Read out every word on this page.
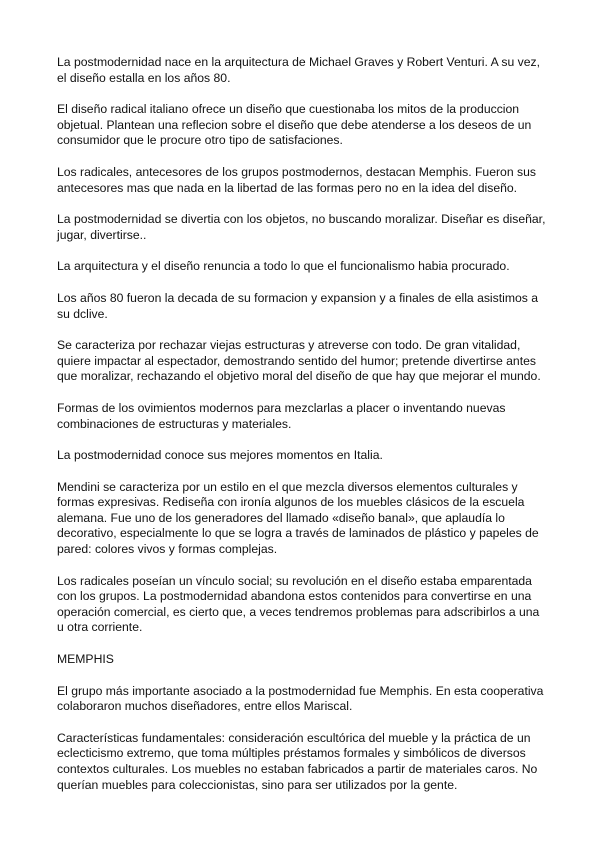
La postmodernidad nace en la arquitectura de Michael Graves y Robert Venturi. A su vez, el diseño estalla en los años 80.

El diseño radical italiano ofrece un diseño que cuestionaba los mitos de la produccion objetual. Plantean una reflecion sobre el diseño que debe atenderse a los deseos de un consumidor que le procure otro tipo de satisfaciones.

Los radicales, antecesores de los grupos postmodernos, destacan Memphis. Fueron sus antecesores mas que nada en la libertad de las formas pero no en la idea del diseño.

La postmodernidad se divertia con los objetos, no buscando moralizar. Diseñar es diseñar, jugar, divertirse..

La arquitectura y el diseño renuncia a todo lo que el funcionalismo habia procurado.

Los años 80 fueron la decada de su formacion y expansion y a finales de ella asistimos a su dclive.

Se caracteriza por rechazar viejas estructuras y atreverse con todo. De gran vitalidad, quiere impactar al espectador, demostrando sentido del humor; pretende divertirse antes que moralizar, rechazando el objetivo moral del diseño de que hay que mejorar el mundo.

Formas de los ovimientos modernos para mezclarlas a placer o inventando nuevas combinaciones de estructuras y materiales.

La postmodernidad conoce sus mejores momentos en Italia.

Mendini se caracteriza por un estilo en el que mezcla diversos elementos culturales y formas expresivas. Rediseña con ironía algunos de los muebles clásicos de la escuela alemana. Fue uno de los generadores del llamado «diseño banal», que aplaudía lo decorativo, especialmente lo que se logra a través de laminados de plástico y papeles de pared: colores vivos y formas complejas.

Los radicales poseían un vínculo social; su revolución en el diseño estaba emparentada con los grupos. La postmodernidad abandona estos contenidos para convertirse en una operación comercial, es cierto que, a veces tendremos problemas para adscribirlos a una u otra corriente.

MEMPHIS

El grupo más importante asociado a la postmodernidad fue Memphis. En esta cooperativa colaboraron muchos diseñadores, entre ellos Mariscal.

Características fundamentales: consideración escultórica del mueble y la práctica de un eclecticismo extremo, que toma múltiples préstamos formales y simbólicos de diversos contextos culturales. Los muebles no estaban fabricados a partir de materiales caros. No querían muebles para coleccionistas, sino para ser utilizados por la gente.
